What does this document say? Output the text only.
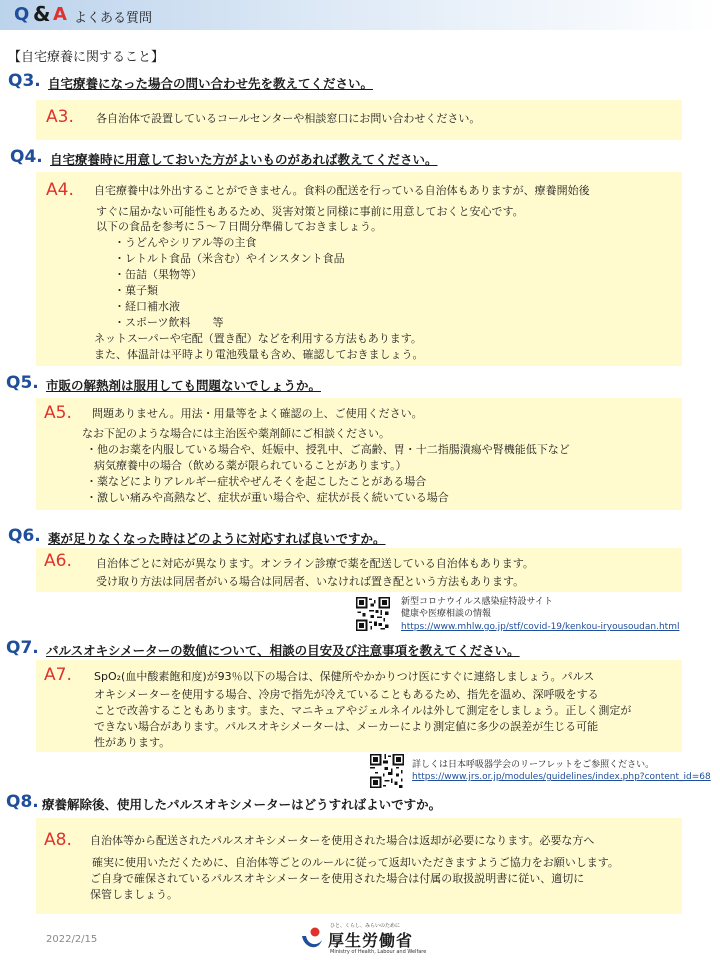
Q & A よくある質問
【自宅療養に関すること】
Q3. 自宅療養になった場合の問い合わせ先を教えてください。
A3. 各自治体で設置しているコールセンターや相談窓口にお問い合わせください。
Q4. 自宅療養時に用意しておいた方がよいものがあれば教えてください。
A4. 自宅療養中は外出することができません。食料の配送を行っている自治体もありますが、療養開始後
すぐに届かない可能性もあるため、災害対策と同様に事前に用意しておくと安心です。
以下の食品を参考に５～７日間分準備しておきましょう。
・うどんやシリアル等の主食
・レトルト食品（米含む）やインスタント食品
・缶詰（果物等）
・菓子類
・経口補水液
・スポーツ飲料　　等
ネットスーパーや宅配（置き配）などを利用する方法もあります。
また、体温計は平時より電池残量も含め、確認しておきましょう。
Q5. 市販の解熱剤は服用しても問題ないでしょうか。
A5. 問題ありません。用法・用量等をよく確認の上、ご使用ください。
なお下記のような場合には主治医や薬剤師にご相談ください。
・他のお薬を内服している場合や、妊娠中、授乳中、ご高齢、胃・十二指腸潰瘍や腎機能低下など
病気療養中の場合（飲める薬が限られていることがあります。）
・薬などによりアレルギー症状やぜんそくを起こしたことがある場合
・激しい痛みや高熱など、症状が重い場合や、症状が長く続いている場合
Q6. 薬が足りなくなった時はどのように対応すれば良いですか。
A6. 自治体ごとに対応が異なります。オンライン診療で薬を配送している自治体もあります。
受け取り方法は同居者がいる場合は同居者、いなければ置き配という方法もあります。
新型コロナウイルス感染症特設サイト
健康や医療相談の情報
https://www.mhlw.go.jp/stf/covid-19/kenkou-iryousoudan.html
Q7. パルスオキシメーターの数値について、相談の目安及び注意事項を教えてください。
A7. SpO₂(血中酸素飽和度)が93％以下の場合は、保健所やかかりつけ医にすぐに連絡しましょう。パルス
オキシメーターを使用する場合、冷房で指先が冷えていることもあるため、指先を温め、深呼吸をする
ことで改善することもあります。また、マニキュアやジェルネイルは外して測定をしましょう。正しく測定が
できない場合があります。パルスオキシメーターは、メーカーにより測定値に多少の誤差が生じる可能
性があります。
詳しくは日本呼吸器学会のリーフレットをご参照ください。
https://www.jrs.or.jp/modules/guidelines/index.php?content_id=68
Q8. 療養解除後、使用したパルスオキシメーターはどうすればよいですか。
A8. 自治体等から配送されたパルスオキシメーターを使用された場合は返却が必要になります。必要な方へ
確実に使用いただくために、自治体等ごとのルールに従って返却いただきますようご協力をお願いします。
ご自身で確保されているパルスオキシメーターを使用された場合は付属の取扱説明書に従い、適切に
保管しましょう。
2022/2/15
ひと、くらし、みらいのために
厚生労働省
Ministry of Health, Labour and Welfare
